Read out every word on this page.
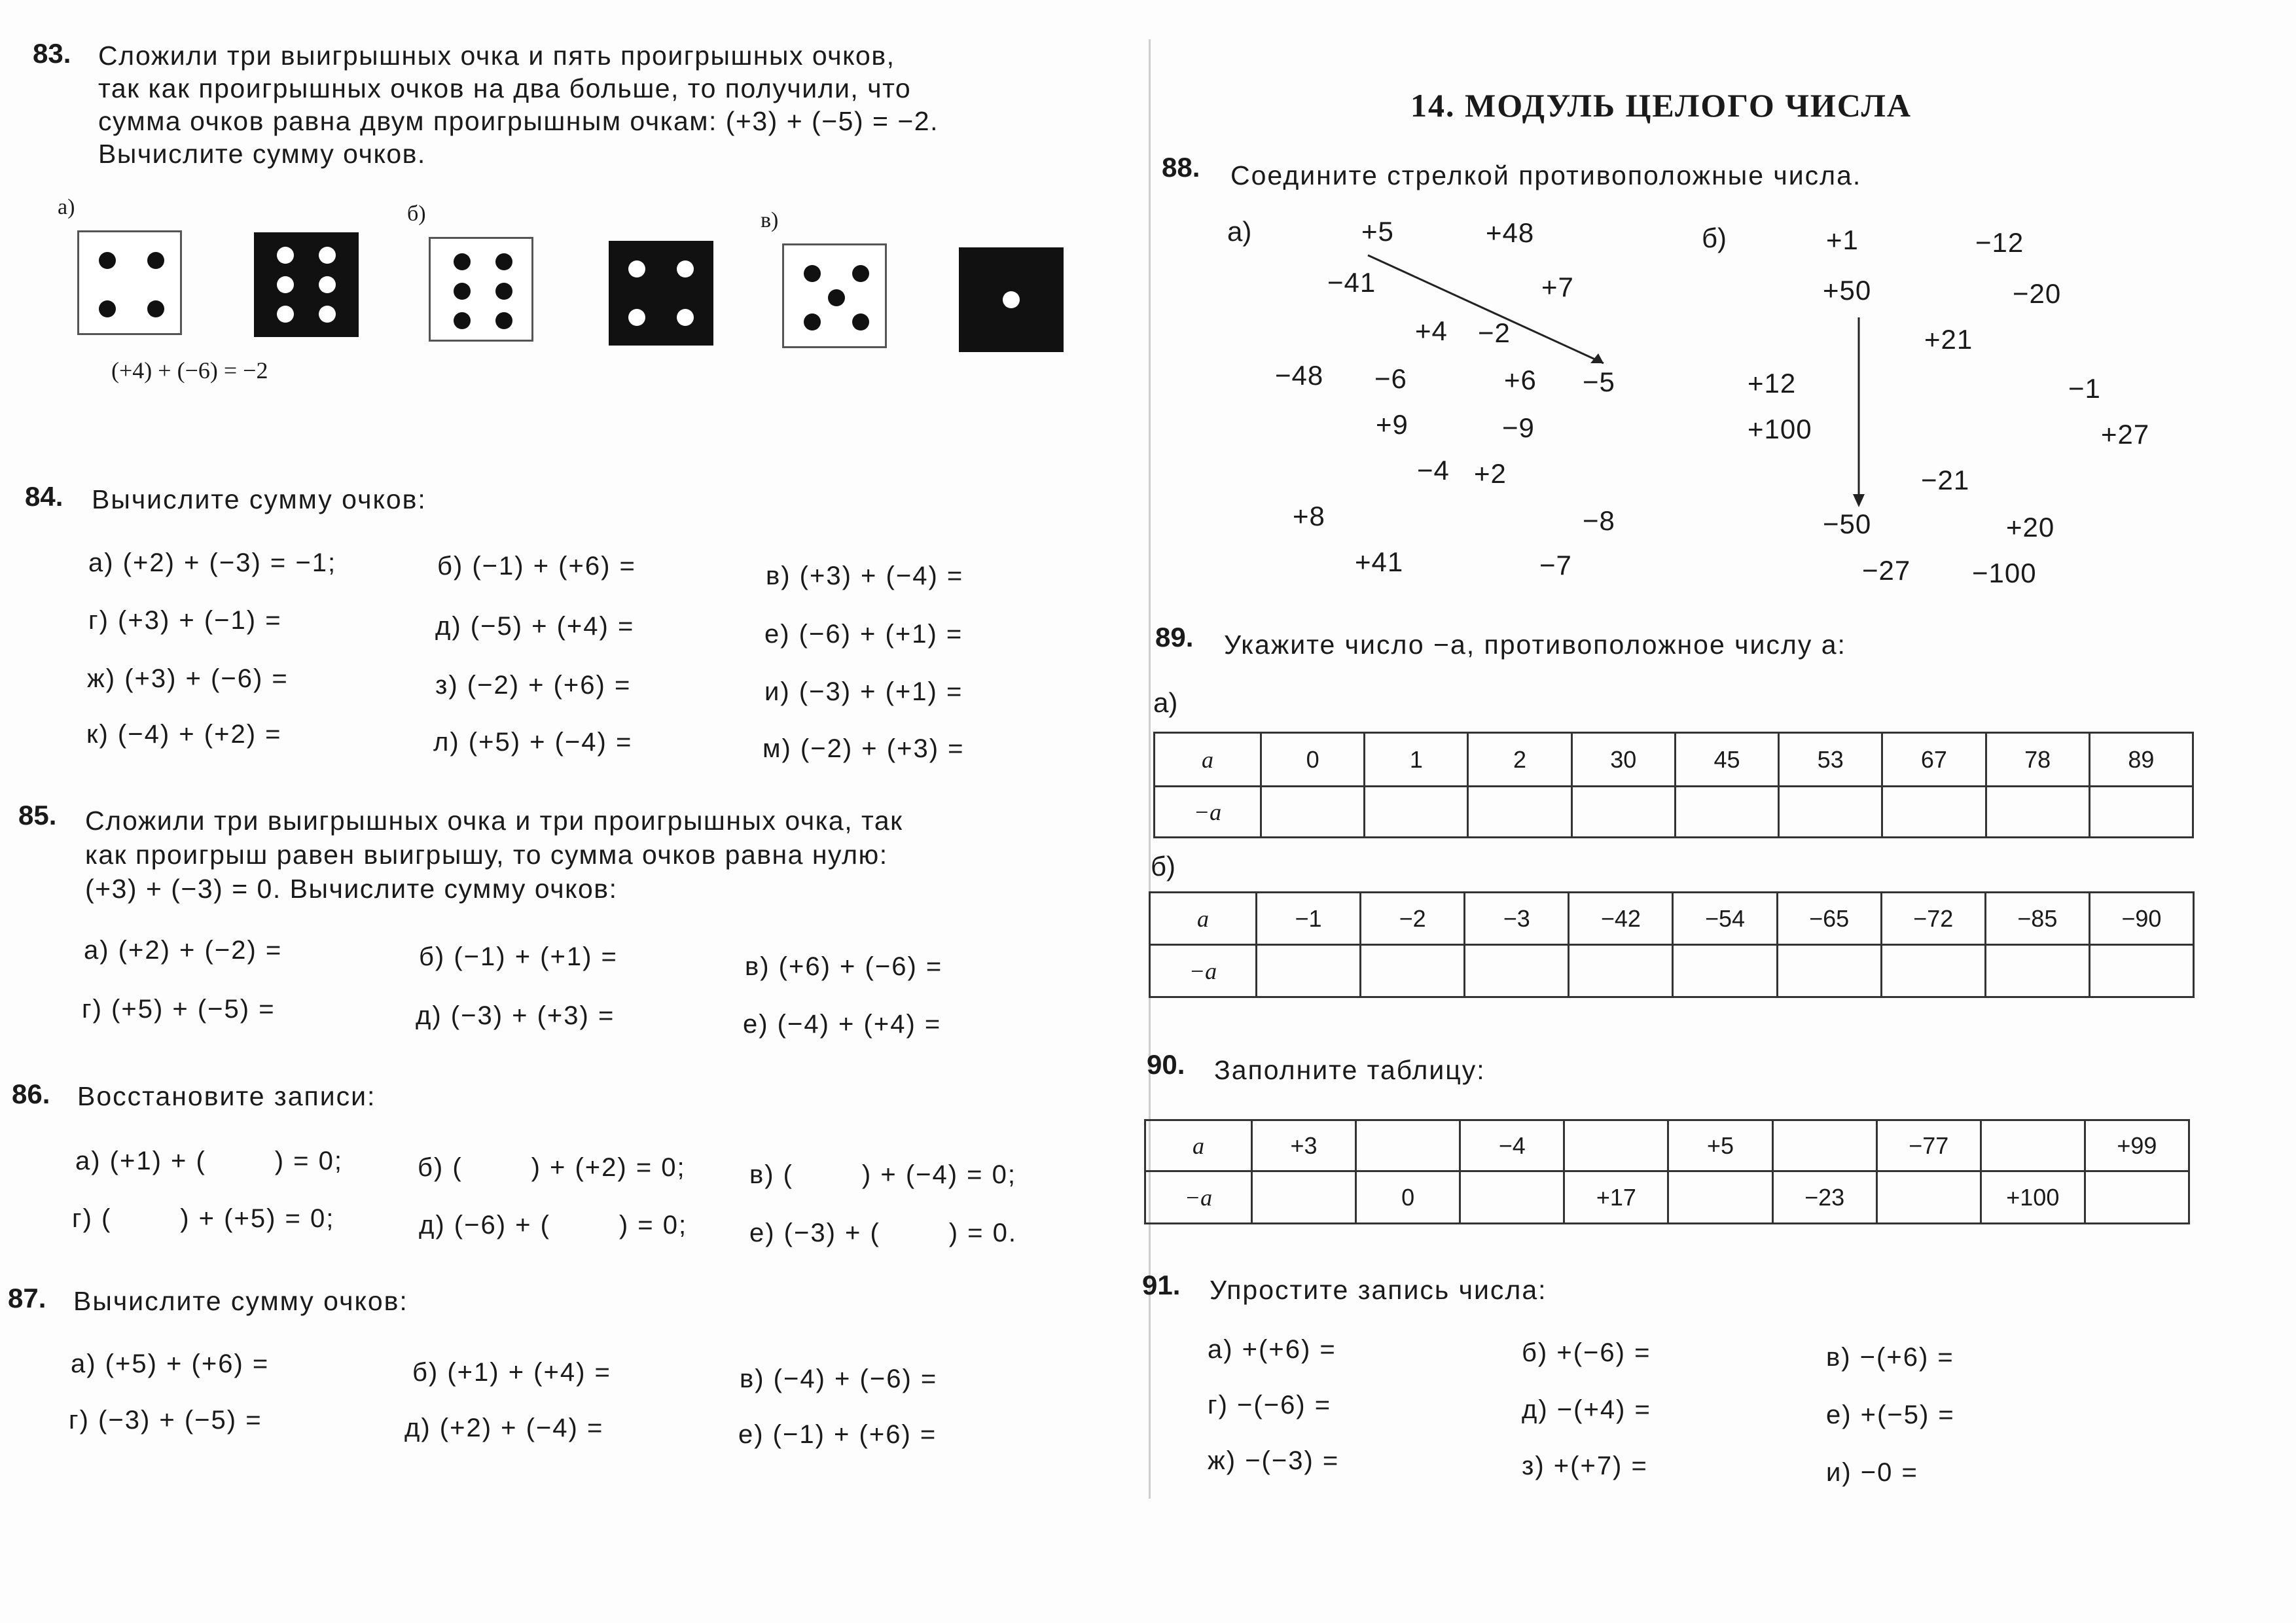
83. Сложили три выигрышных очка и пять проигрышных очков,
так как проигрышных очков на два больше, то получили, что
сумма очков равна двум проигрышным очкам: (+3) + (−5) = −2.
Вычислите сумму очков.
а)	б)	в)
(+4) + (−6) = −2
84. Вычислите сумму очков:
а) (+2) + (−3) = −1;	б) (−1) + (+6) =	в) (+3) + (−4) =
г) (+3) + (−1) =	д) (−5) + (+4) =	е) (−6) + (+1) =
ж) (+3) + (−6) =	з) (−2) + (+6) =	и) (−3) + (+1) =
к) (−4) + (+2) =	л) (+5) + (−4) =	м) (−2) + (+3) =
85. Сложили три выигрышных очка и три проигрышных очка, так
как проигрыш равен выигрышу, то сумма очков равна нулю:
(+3) + (−3) = 0. Вычислите сумму очков:
а) (+2) + (−2) =	б) (−1) + (+1) =	в) (+6) + (−6) =
г) (+5) + (−5) =	д) (−3) + (+3) =	е) (−4) + (+4) =
86. Восстановите записи:
а) (+1) + (        ) = 0;	б) (        ) + (+2) = 0; в) (        ) + (−4) = 0;
г) (        ) + (+5) = 0;	д) (−6) + (        ) = 0; е) (−3) + (        ) = 0.
87. Вычислите сумму очков:
а) (+5) + (+6) =	б) (+1) + (+4) =	в) (−4) + (−6) =
г) (−3) + (−5) =	д) (+2) + (−4) =	е) (−1) + (+6) =
14. МОДУЛЬ ЦЕЛОГО ЧИСЛА
88. Соедините стрелкой противоположные числа.
а)	б)
+5	+48
−41	+7
+4 −2
−48 −6	+6 −5
+9	−9
−4 +2
+8	−8
+41	−7
+1	−12
+50	−20
+21
+12	−1
+100	+27
−21
−50	+20
−27 −100
89. Укажите число −a, противоположное числу a:
а)
a	0	1	2	30	45	53	67	78	89
−a									
б)
a	−1	−2	−3	−42	−54	−65	−72	−85	−90
−a									
90. Заполните таблицу:
a	+3		−4		+5		−77		+99
−a		0		+17		−23		+100	
91. Упростите запись числа:
а) +(+6) =	б) +(−6) =	в) −(+6) =
г) −(−6) =	д) −(+4) =	е) +(−5) =
ж) −(−3) =	з) +(+7) =	и) −0 =
